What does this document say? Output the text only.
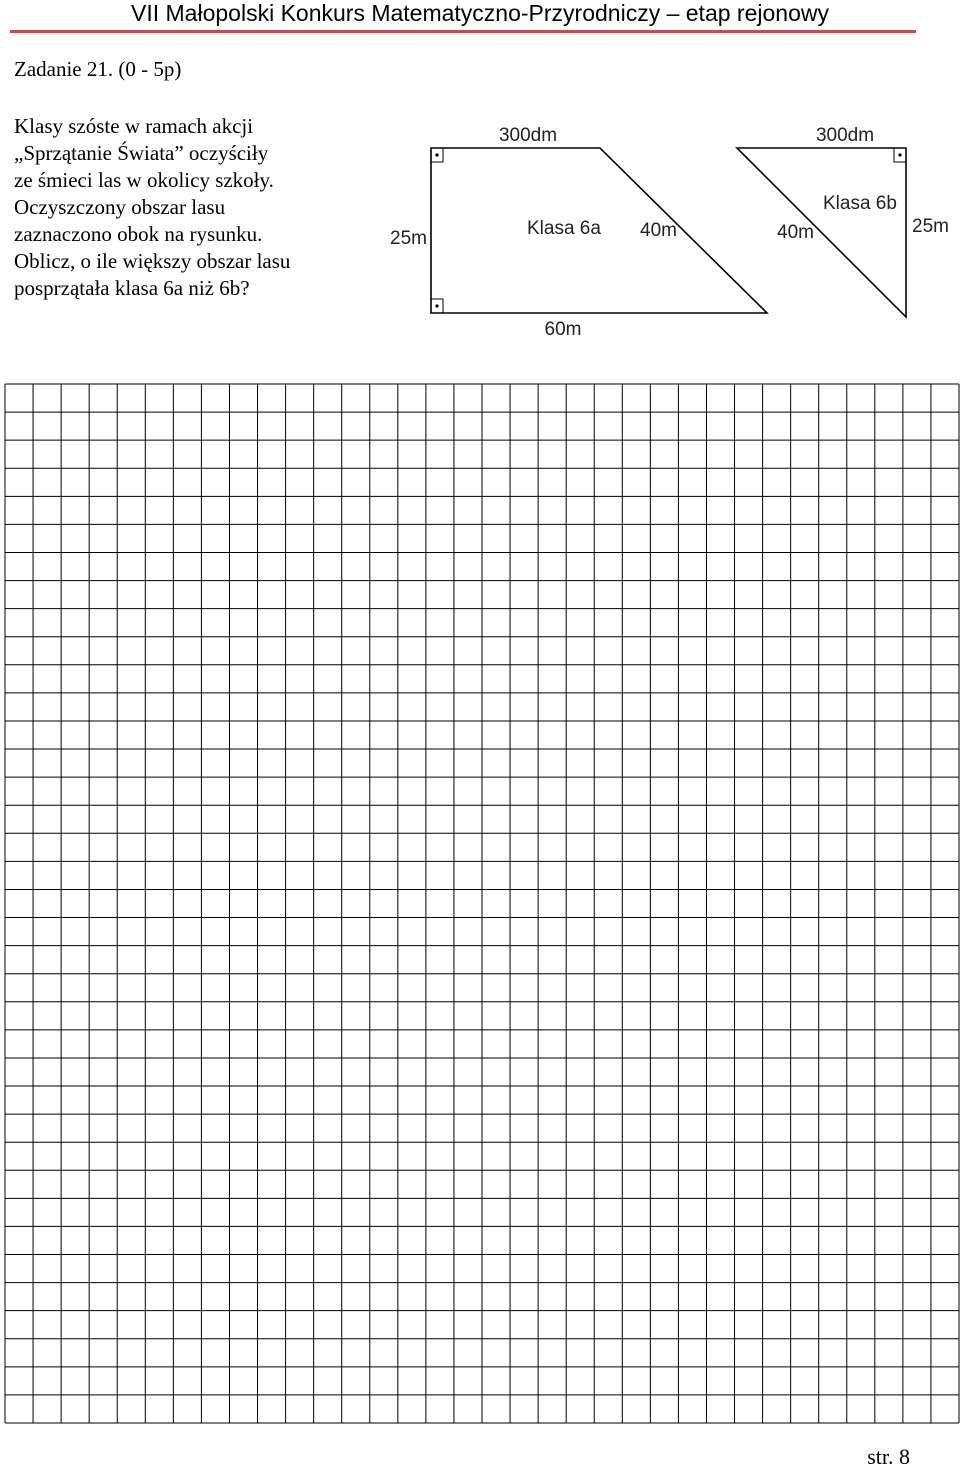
VII Małopolski Konkurs Matematyczno-Przyrodniczy – etap rejonowy
Zadanie 21. (0 - 5p)
Klasy szóste w ramach akcji
„Sprzątanie Świata” oczyściły
ze śmieci las w okolicy szkoły.
Oczyszczony obszar lasu
zaznaczono obok na rysunku.
Oblicz, o ile większy obszar lasu
posprzątała klasa 6a niż 6b?
300dm
25m
60m
40m
Klasa 6a
300dm
25m
40m
Klasa 6b
str. 8
